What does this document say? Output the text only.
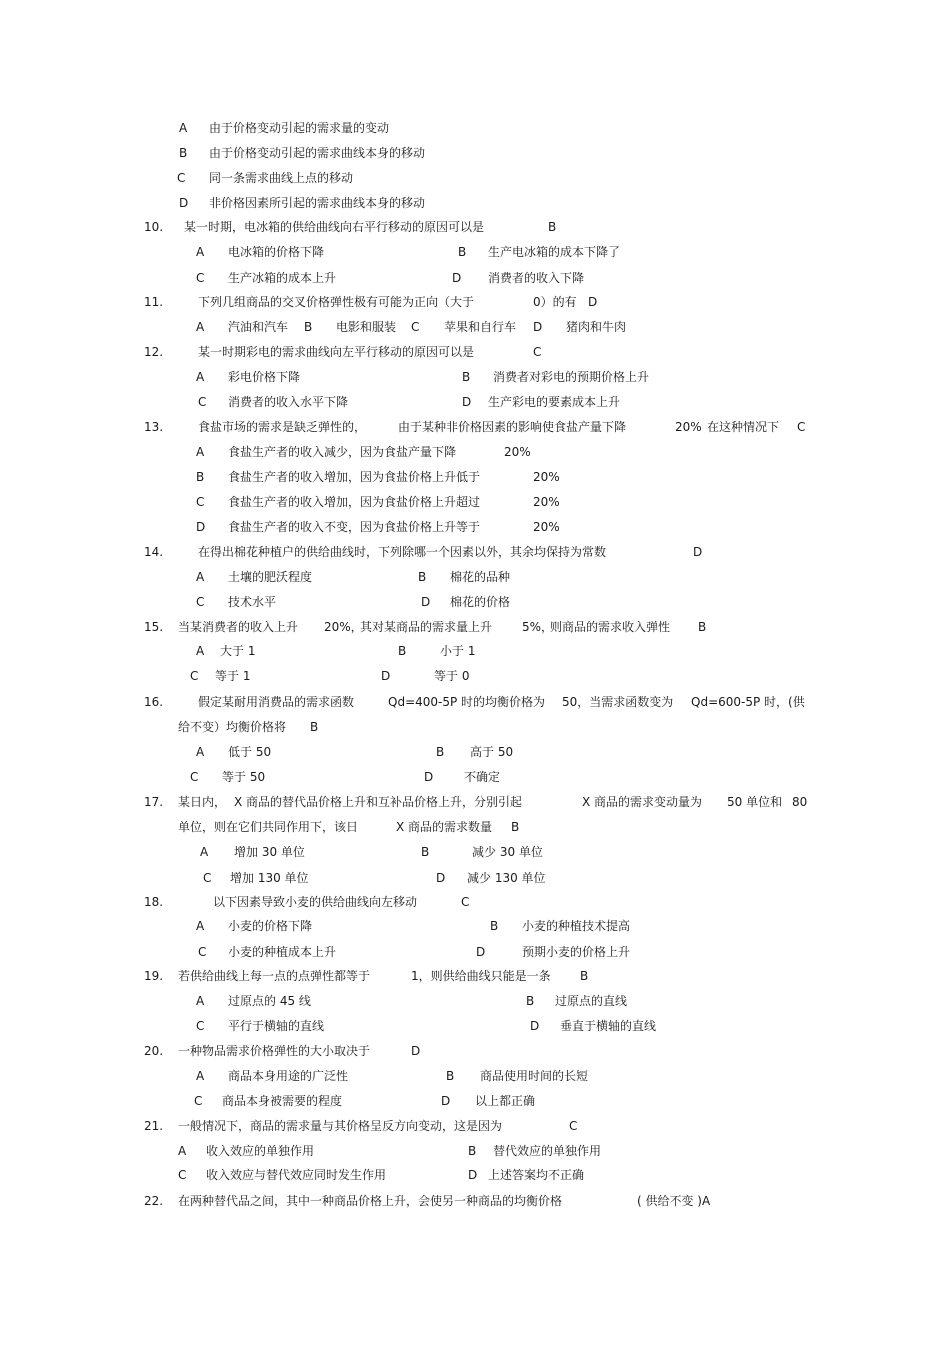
A 由于价格变动引起的需求量的变动
B 由于价格变动引起的需求曲线本身的移动
C 同一条需求曲线上点的移动
D 非价格因素所引起的需求曲线本身的移动
10. 某一时期，电冰箱的供给曲线向右平行移动的原因可以是	B
A 电冰箱的价格下降	B 生产电冰箱的成本下降了
C 生产冰箱的成本上升	D 消费者的收入下降
11.	下列几组商品的交叉价格弹性极有可能为正向（大于	0）的有 D
A 汽油和汽车 B 电影和服装 C 苹果和自行车 D 猪肉和牛肉
12.	某一时期彩电的需求曲线向左平行移动的原因可以是	C
A 彩电价格下降	B 消费者对彩电的预期价格上升
C 消费者的收入水平下降	D 生产彩电的要素成本上升
13.	食盐市场的需求是缺乏弹性的，	由于某种非价格因素的影响使食盐产量下降	20% 在这种情况下 C
A 食盐生产者的收入减少，因为食盐产量下降	20%
B 食盐生产者的收入增加，因为食盐价格上升低于	20%
C 食盐生产者的收入增加，因为食盐价格上升超过	20%
D 食盐生产者的收入不变，因为食盐价格上升等于	20%
14.	在得出棉花种植户的供给曲线时，下列除哪一个因素以外，其余均保持为常数	D
A 土壤的肥沃程度	B 棉花的品种
C 技术水平	D 棉花的价格
15. 当某消费者的收入上升 20%，
其对某商品的需求量上升 5%，
则商品的需求收入弹性 B
A 大于 1	B	小于 1
C 等于 1	D	等于 0
16.	假定某耐用消费品的需求函数	Qd=400-5P 时的均衡价格为 50，当需求函数变为 Qd=600-5P 时，(供
给不变）均衡价格将 B
A 低于 50	B 高于 50
C 等于 50	D	不确定
17. 某日内， X 商品的替代品价格上升和互补品价格上升，分别引起	X 商品的需求变动量为 50 单位和 80
单位，则在它们共同作用下，该日	X 商品的需求数量 B
A 增加 30 单位	B	减少 30 单位
C 增加 130 单位	D 减少 130 单位
18.	以下因素导致小麦的供给曲线向左移动	C
A 小麦的价格下降	B 小麦的种植技术提高
C 小麦的种植成本上升	D	预期小麦的价格上升
19. 若供给曲线上每一点的点弹性都等于	1，则供给曲线只能是一条 B
A 过原点的 45 线	B 过原点的直线
C 平行于横轴的直线	D 垂直于横轴的直线
20. 一种物品需求价格弹性的大小取决于	D
A 商品本身用途的广泛性	B 商品使用时间的长短
C 商品本身被需要的程度	D 以上都正确
21. 一般情况下，商品的需求量与其价格呈反方向变动，这是因为	C
A 收入效应的单独作用	B 替代效应的单独作用
C 收入效应与替代效应同时发生作用	D 上述答案均不正确
22. 在两种替代品之间，其中一种商品价格上升，会使另一种商品的均衡价格	( 供给不变 )A
